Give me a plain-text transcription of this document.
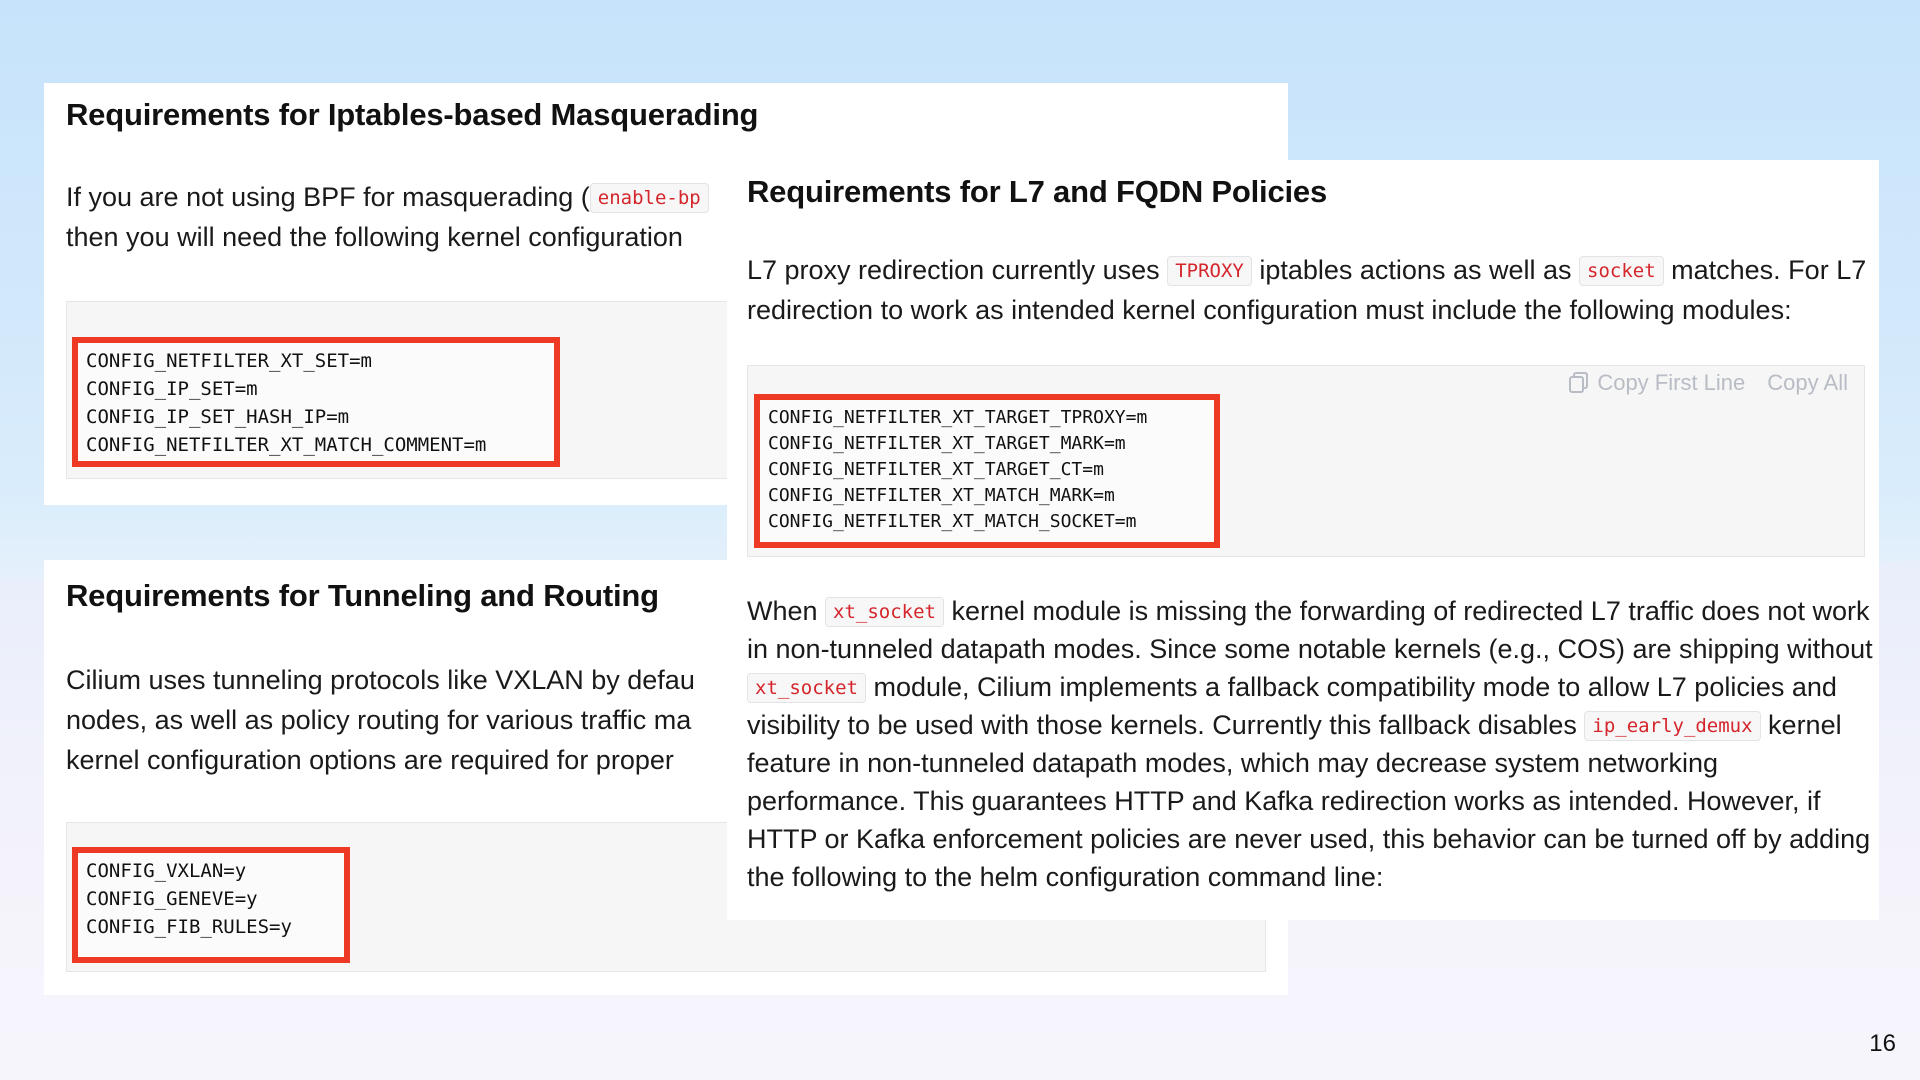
Requirements for Iptables-based Masquerading

If you are not using BPF for masquerading ( enable-bp
then you will need the following kernel configuration

CONFIG_NETFILTER_XT_SET=m
CONFIG_IP_SET=m
CONFIG_IP_SET_HASH_IP=m
CONFIG_NETFILTER_XT_MATCH_COMMENT=m
Requirements for Tunneling and Routing

Cilium uses tunneling protocols like VXLAN by defau
nodes, as well as policy routing for various traffic ma
kernel configuration options are required for proper

CONFIG_VXLAN=y
CONFIG_GENEVE=y
CONFIG_FIB_RULES=y
Requirements for L7 and FQDN Policies

L7 proxy redirection currently uses TPROXY iptables actions as well as socket matches. For L7
redirection to work as intended kernel configuration must include the following modules:

Copy First Line Copy All
CONFIG_NETFILTER_XT_TARGET_TPROXY=m
CONFIG_NETFILTER_XT_TARGET_MARK=m
CONFIG_NETFILTER_XT_TARGET_CT=m
CONFIG_NETFILTER_XT_MATCH_MARK=m
CONFIG_NETFILTER_XT_MATCH_SOCKET=m

When xt_socket kernel module is missing the forwarding of redirected L7 traffic does not work
in non-tunneled datapath modes. Since some notable kernels (e.g., COS) are shipping without
xt_socket module, Cilium implements a fallback compatibility mode to allow L7 policies and
visibility to be used with those kernels. Currently this fallback disables ip_early_demux kernel
feature in non-tunneled datapath modes, which may decrease system networking
performance. This guarantees HTTP and Kafka redirection works as intended. However, if
HTTP or Kafka enforcement policies are never used, this behavior can be turned off by adding
the following to the helm configuration command line:

16
